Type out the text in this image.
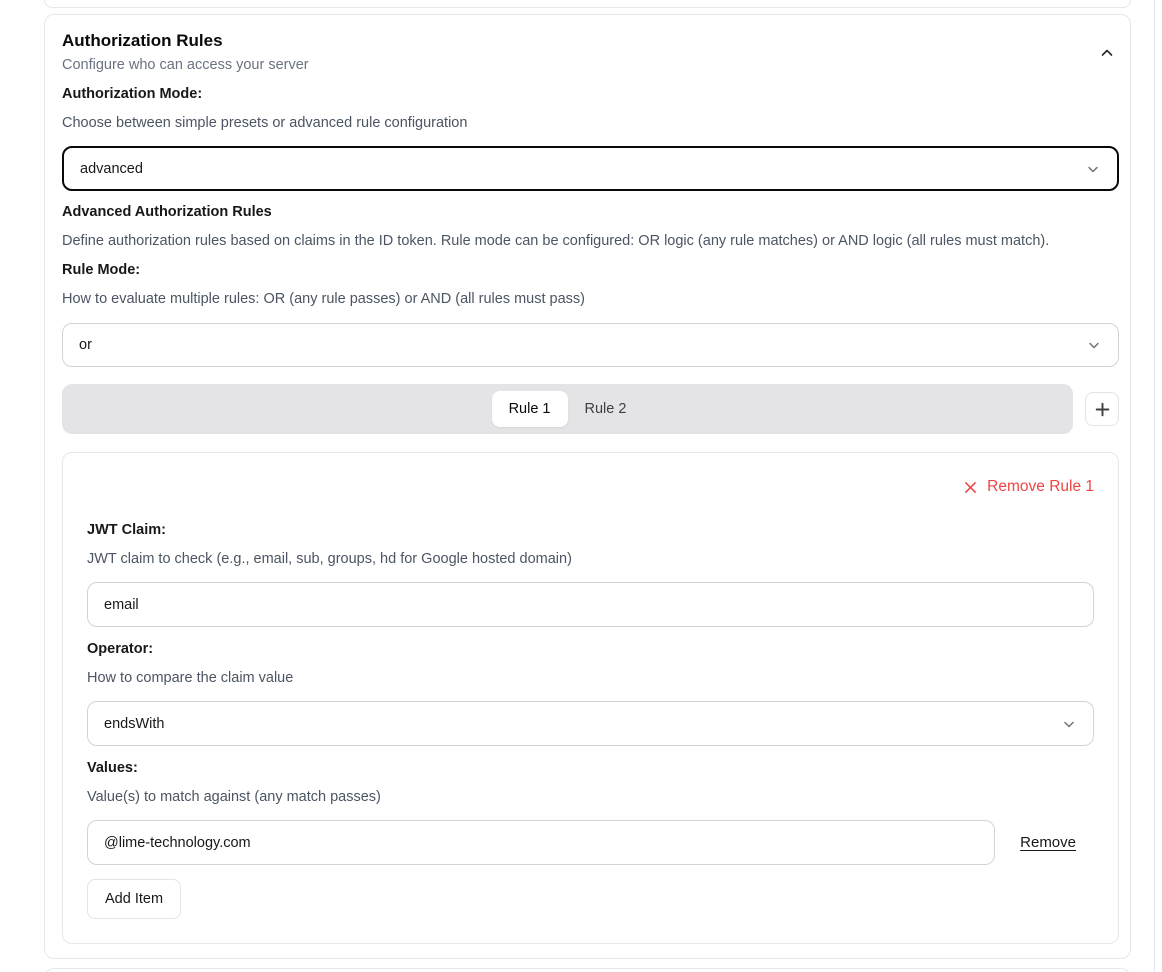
Authorization Rules
Configure who can access your server
Authorization Mode:
Choose between simple presets or advanced rule configuration
advanced
Advanced Authorization Rules
Define authorization rules based on claims in the ID token. Rule mode can be configured: OR logic (any rule matches) or AND logic (all rules must match).
Rule Mode:
How to evaluate multiple rules: OR (any rule passes) or AND (all rules must pass)
or
Rule 1 Rule 2
Remove Rule 1
JWT Claim:
JWT claim to check (e.g., email, sub, groups, hd for Google hosted domain)
email
Operator:
How to compare the claim value
endsWith
Values:
Value(s) to match against (any match passes)
@lime-technology.com
Remove
Add Item
